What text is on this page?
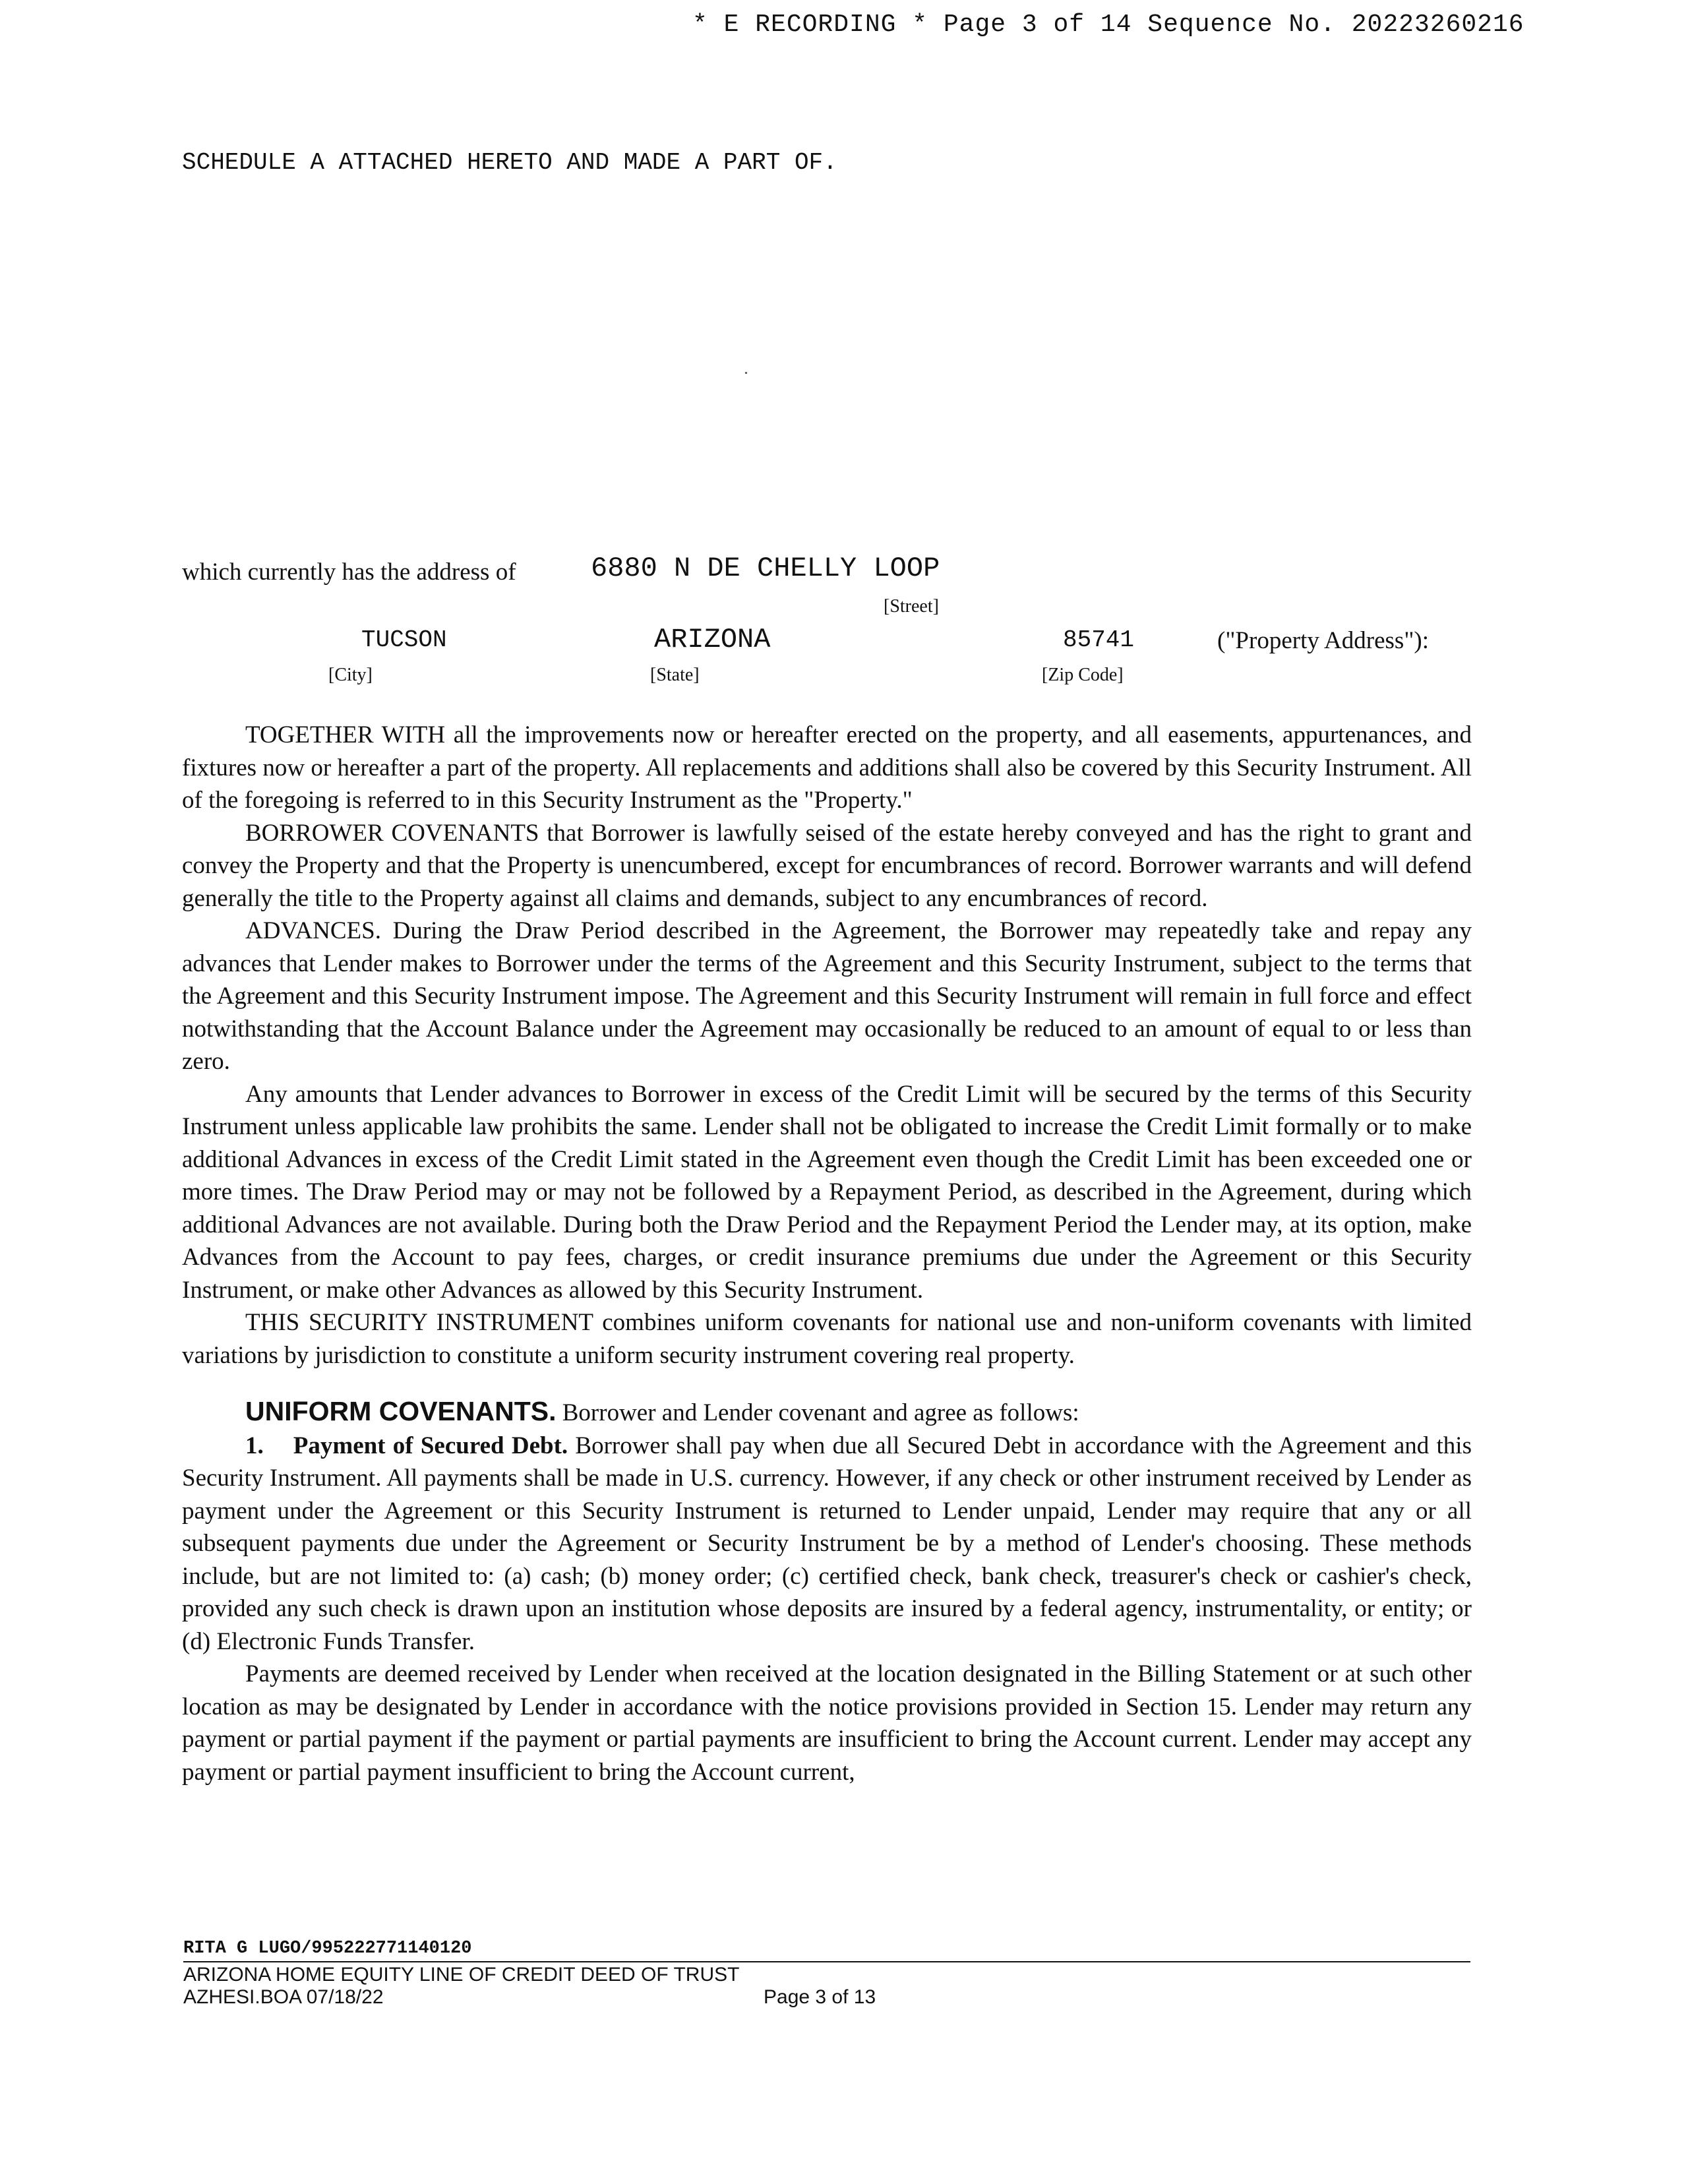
* E RECORDING * Page 3 of 14 Sequence No. 20223260216
SCHEDULE A ATTACHED HERETO AND MADE A PART OF.
which currently has the address of	6880 N DE CHELLY LOOP
[Street]
TUCSON
[City]
ARIZONA
[State]
85741
[Zip Code]
("Property Address"):

TOGETHER WITH all the improvements now or hereafter erected on the property, and all easements, appurtenances, and fixtures now or hereafter a part of the property. All replacements and additions shall also be covered by this Security Instrument. All of the foregoing is referred to in this Security Instrument as the "Property."

BORROWER COVENANTS that Borrower is lawfully seised of the estate hereby conveyed and has the right to grant and convey the Property and that the Property is unencumbered, except for encumbrances of record. Borrower warrants and will defend generally the title to the Property against all claims and demands, subject to any encumbrances of record.

ADVANCES. During the Draw Period described in the Agreement, the Borrower may repeatedly take and repay any advances that Lender makes to Borrower under the terms of the Agreement and this Security Instrument, subject to the terms that the Agreement and this Security Instrument impose. The Agreement and this Security Instrument will remain in full force and effect notwithstanding that the Account Balance under the Agreement may occasionally be reduced to an amount of equal to or less than zero.

Any amounts that Lender advances to Borrower in excess of the Credit Limit will be secured by the terms of this Security Instrument unless applicable law prohibits the same. Lender shall not be obligated to increase the Credit Limit formally or to make additional Advances in excess of the Credit Limit stated in the Agreement even though the Credit Limit has been exceeded one or more times. The Draw Period may or may not be followed by a Repayment Period, as described in the Agreement, during which additional Advances are not available. During both the Draw Period and the Repayment Period the Lender may, at its option, make Advances from the Account to pay fees, charges, or credit insurance premiums due under the Agreement or this Security Instrument, or make other Advances as allowed by this Security Instrument.

THIS SECURITY INSTRUMENT combines uniform covenants for national use and non-uniform covenants with limited variations by jurisdiction to constitute a uniform security instrument covering real property.

UNIFORM COVENANTS. Borrower and Lender covenant and agree as follows:

1. Payment of Secured Debt. Borrower shall pay when due all Secured Debt in accordance with the Agreement and this Security Instrument. All payments shall be made in U.S. currency. However, if any check or other instrument received by Lender as payment under the Agreement or this Security Instrument is returned to Lender unpaid, Lender may require that any or all subsequent payments due under the Agreement or Security Instrument be by a method of Lender's choosing. These methods include, but are not limited to: (a) cash; (b) money order; (c) certified check, bank check, treasurer's check or cashier's check, provided any such check is drawn upon an institution whose deposits are insured by a federal agency, instrumentality, or entity; or (d) Electronic Funds Transfer.

Payments are deemed received by Lender when received at the location designated in the Billing Statement or at such other location as may be designated by Lender in accordance with the notice provisions provided in Section 15. Lender may return any payment or partial payment if the payment or partial payments are insufficient to bring the Account current. Lender may accept any payment or partial payment insufficient to bring the Account current,

RITA G LUGO/995222771140120
ARIZONA HOME EQUITY LINE OF CREDIT DEED OF TRUST
AZHESI.BOA 07/18/22	Page 3 of 13
